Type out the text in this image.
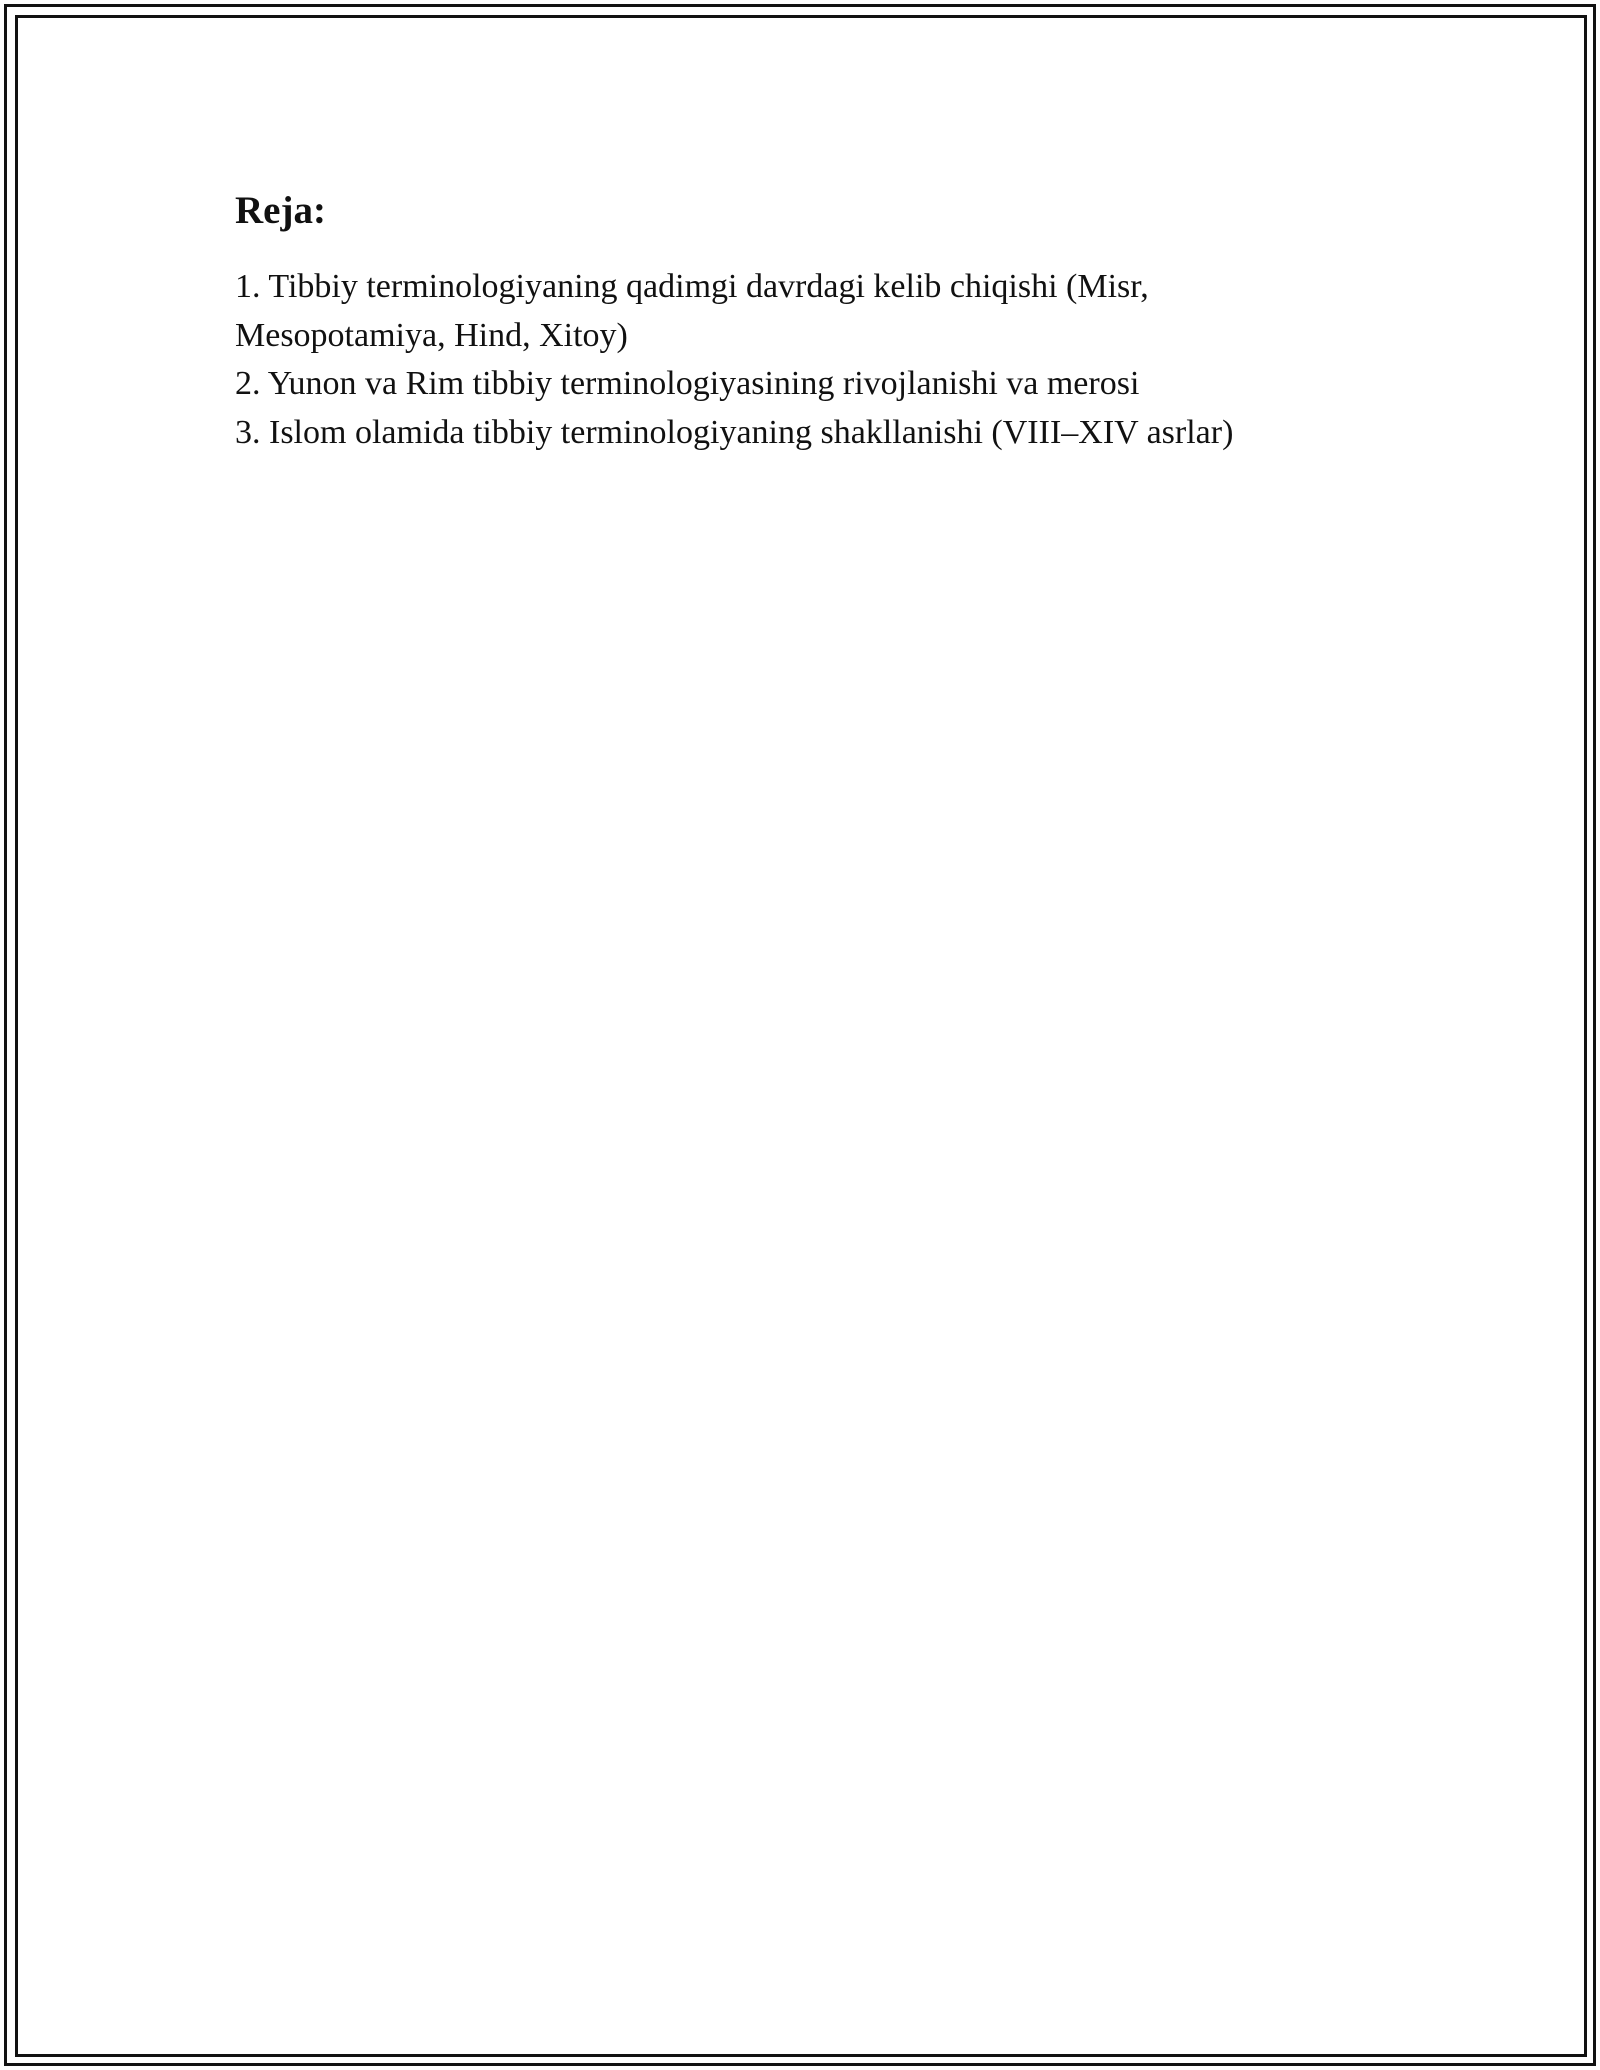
Reja:
1. Tibbiy terminologiyaning qadimgi davrdagi kelib chiqishi (Misr, Mesopotamiya, Hind, Xitoy)
2. Yunon va Rim tibbiy terminologiyasining rivojlanishi va merosi
3. Islom olamida tibbiy terminologiyaning shakllanishi (VIII–XIV asrlar)
